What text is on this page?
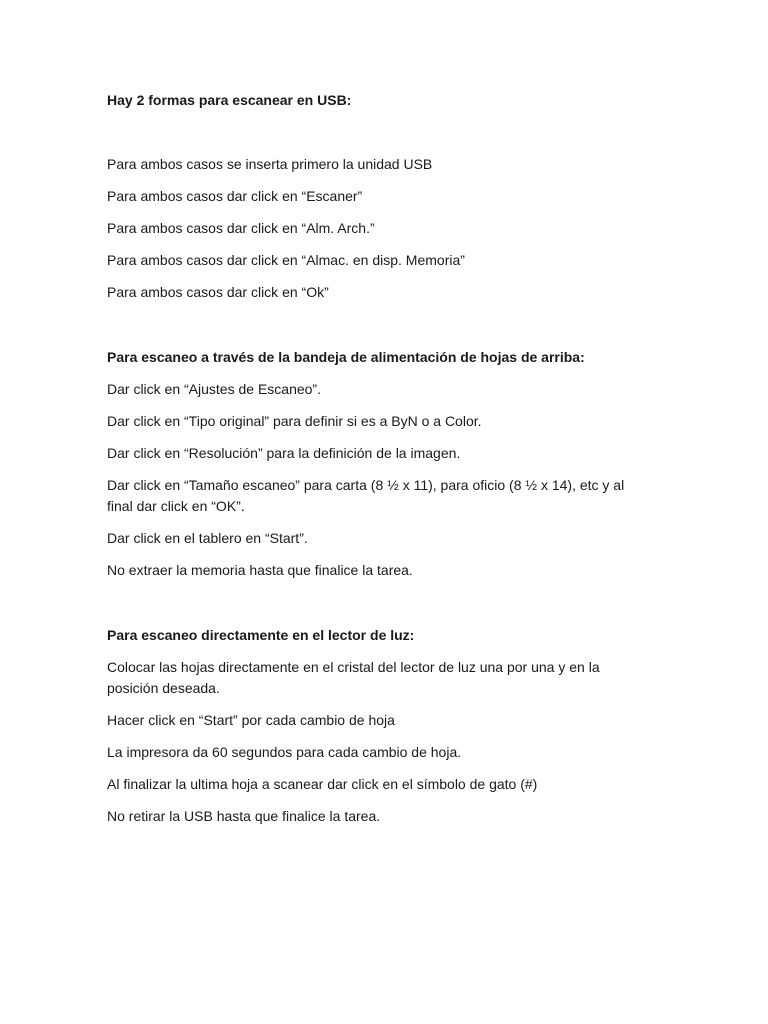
Hay 2 formas para escanear en USB:

Para ambos casos se inserta primero la unidad USB

Para ambos casos dar click en “Escaner”

Para ambos casos dar click en “Alm. Arch.”

Para ambos casos dar click en “Almac. en disp. Memoria”

Para ambos casos dar click en “Ok”

Para escaneo a través de la bandeja de alimentación de hojas de arriba:

Dar click en “Ajustes de Escaneo”.

Dar click en “Tipo original” para definir si es a ByN o a Color.

Dar click en “Resolución” para la definición de la imagen.

Dar click en “Tamaño escaneo” para carta (8 ½ x 11), para oficio (8 ½ x 14), etc y al final dar click en “OK”.

Dar click en el tablero en “Start”.

No extraer la memoria hasta que finalice la tarea.

Para escaneo directamente en el lector de luz:

Colocar las hojas directamente en el cristal del lector de luz una por una y en la posición deseada.

Hacer click en “Start” por cada cambio de hoja

La impresora da 60 segundos para cada cambio de hoja.

Al finalizar la ultima hoja a scanear dar click en el símbolo de gato (#)

No retirar la USB hasta que finalice la tarea.
